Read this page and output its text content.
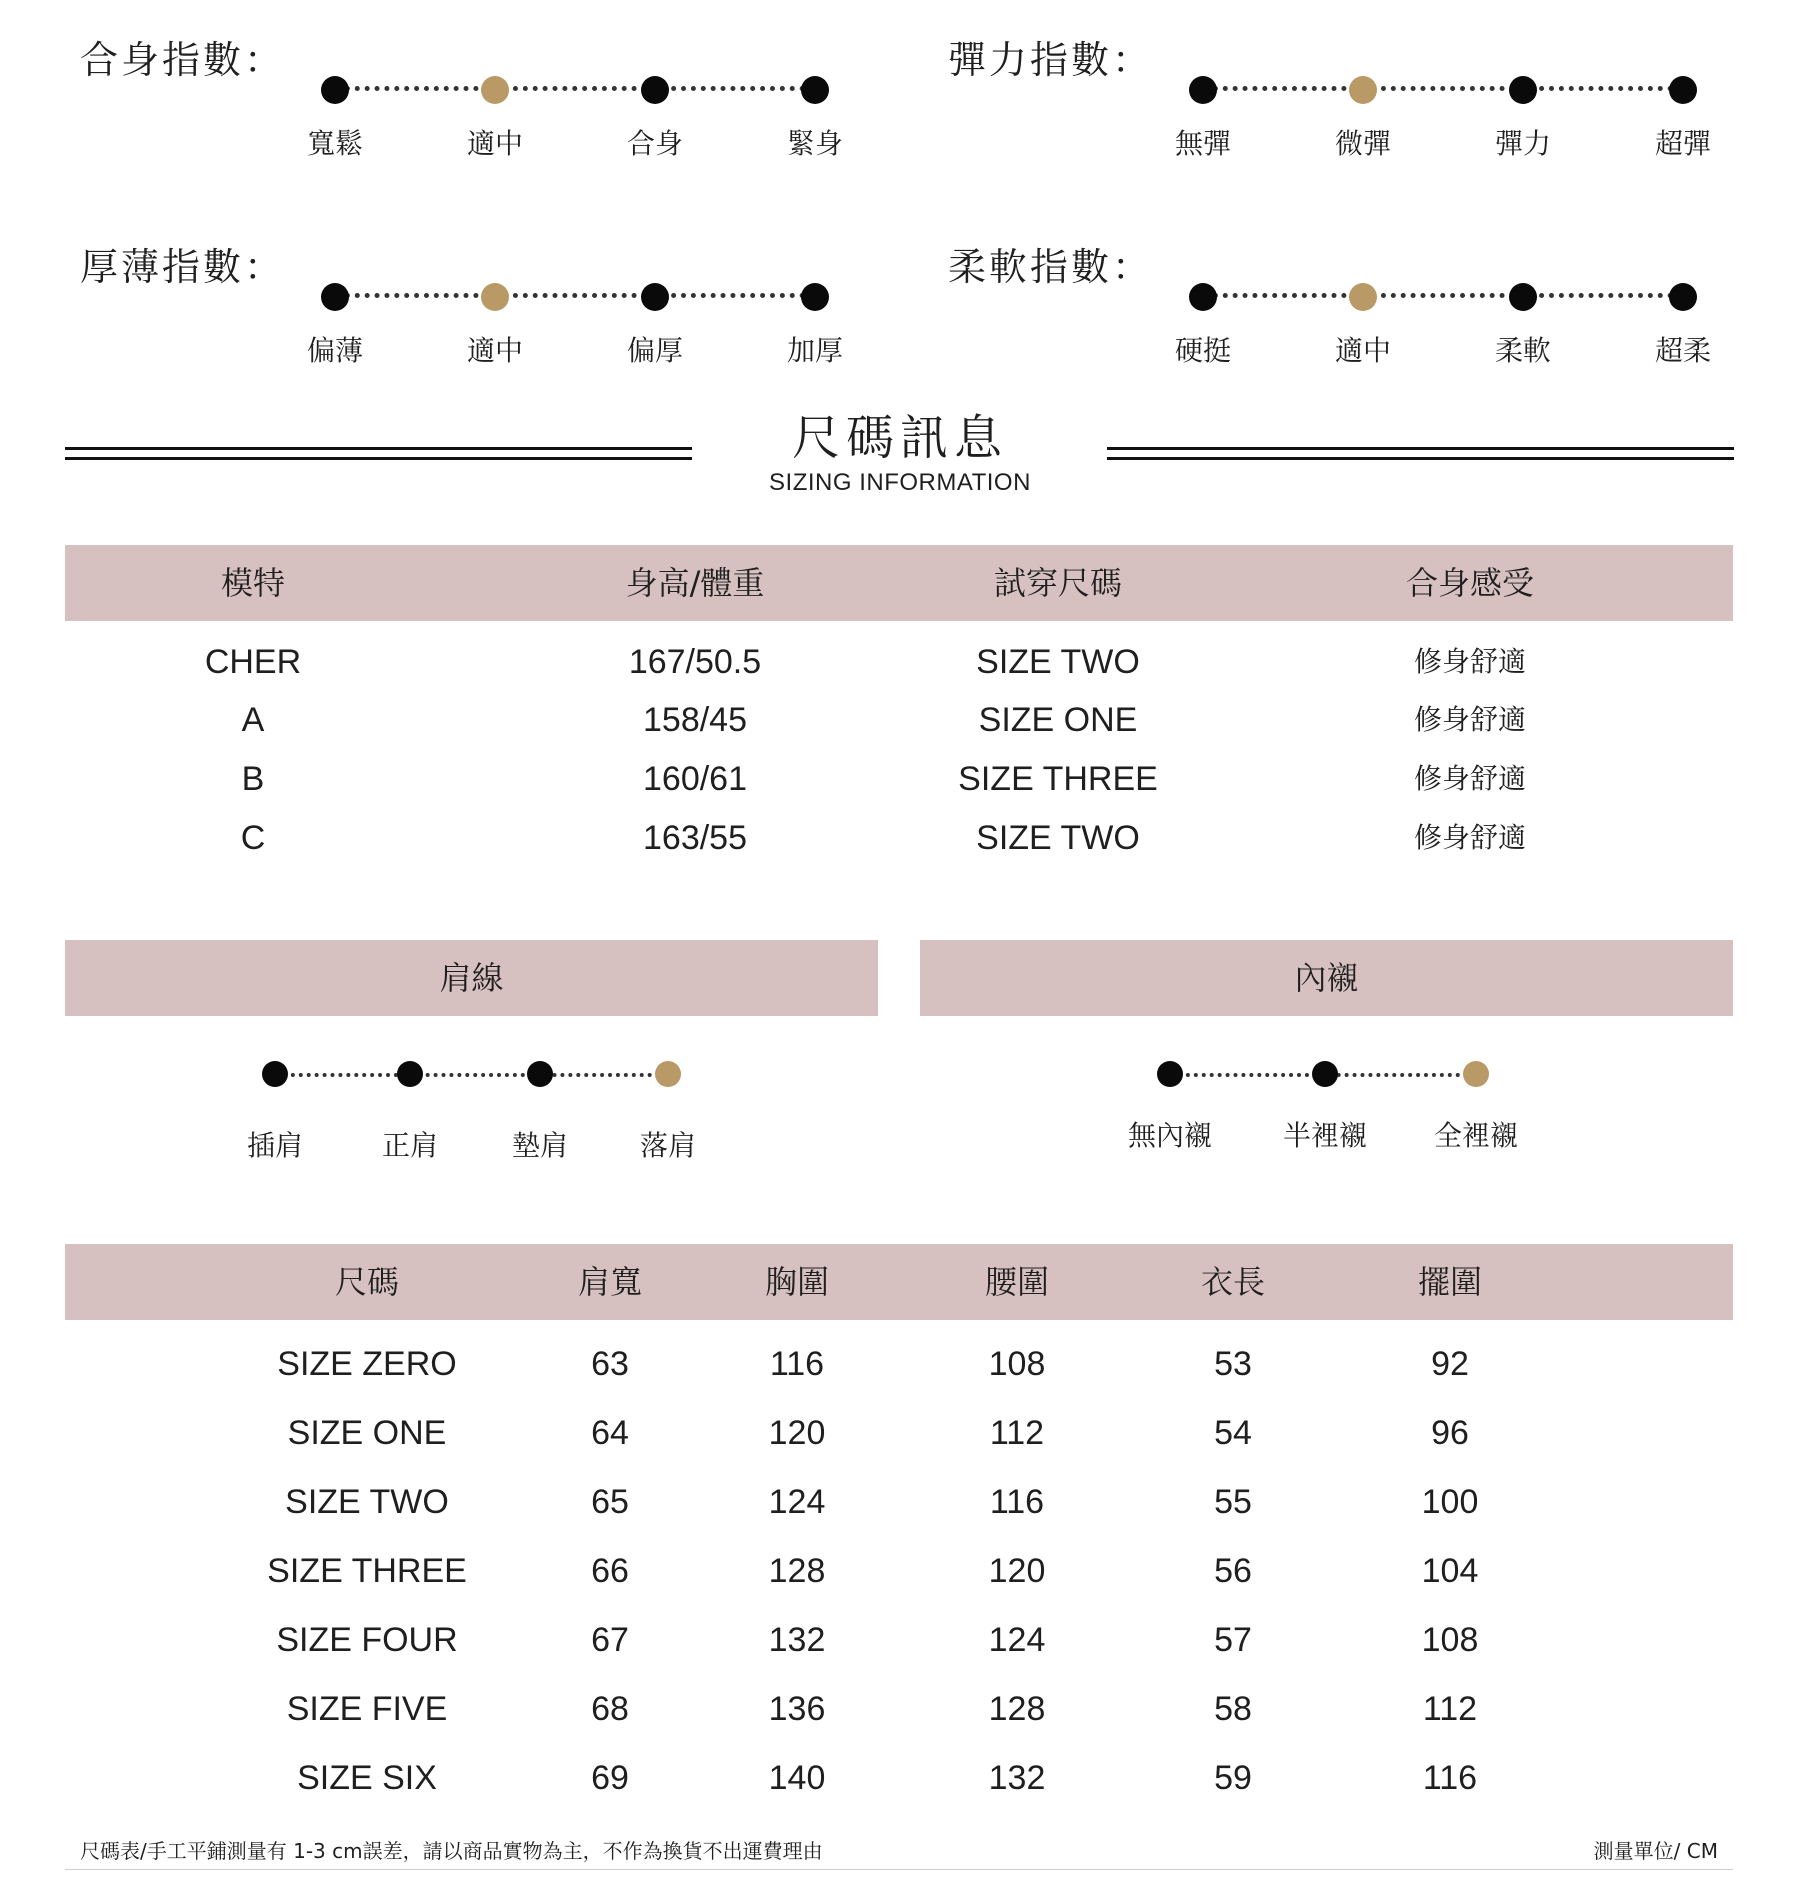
合身指數：
寬鬆	適中	合身	緊身
彈力指數：
無彈	微彈	彈力	超彈
厚薄指數：
偏薄	適中	偏厚	加厚
柔軟指數：
硬挺	適中	柔軟	超柔
尺碼訊息
SIZING INFORMATION
模特	身高/體重	試穿尺碼	合身感受
CHER	167/50.5	SIZE TWO	修身舒適
A	158/45	SIZE ONE	修身舒適
B	160/61	SIZE THREE	修身舒適
C	163/55	SIZE TWO	修身舒適
肩線	內襯
插肩	正肩	墊肩	落肩	無內襯	半裡襯	全裡襯
尺碼	肩寬	胸圍	腰圍	衣長	擺圍
SIZE ZERO	63	116	108	53	92
SIZE ONE	64	120	112	54	96
SIZE TWO	65	124	116	55	100
SIZE THREE	66	128	120	56	104
SIZE FOUR	67	132	124	57	108
SIZE FIVE	68	136	128	58	112
SIZE SIX	69	140	132	59	116
尺碼表/手工平鋪測量有 1-3 cm誤差，請以商品實物為主，不作為換貨不出運費理由	測量單位/ CM
